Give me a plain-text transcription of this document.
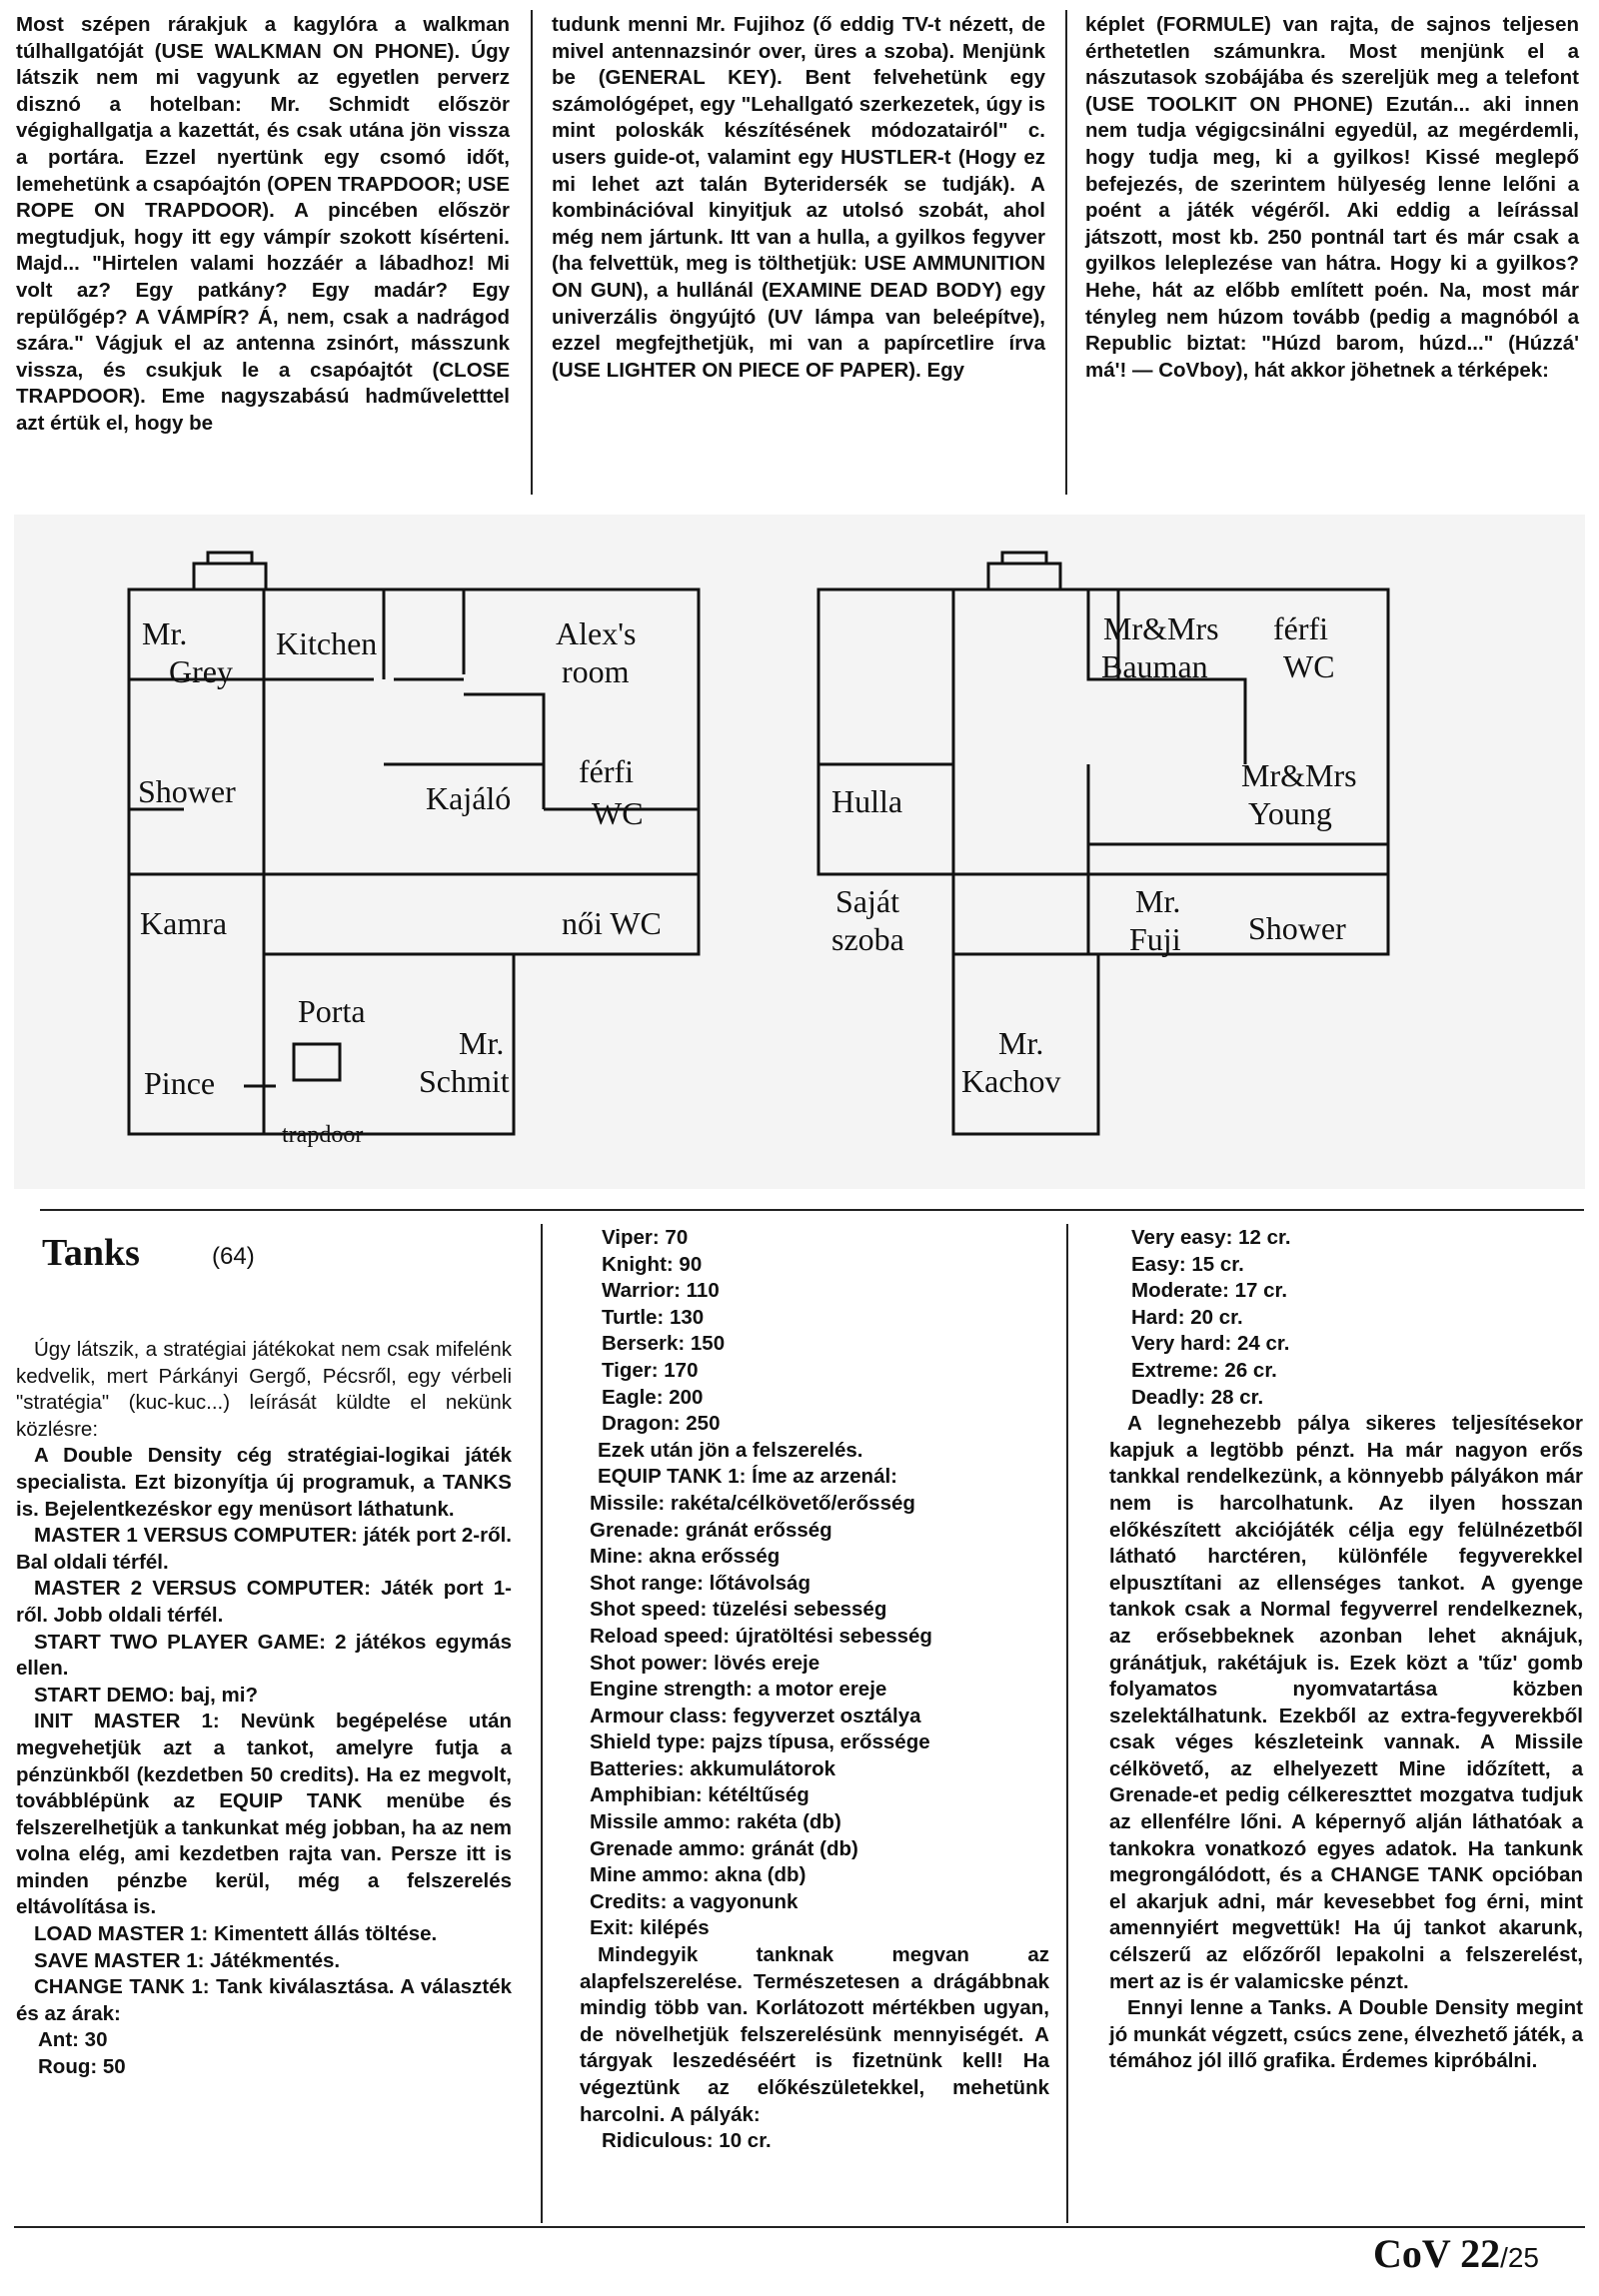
Most szépen rárakjuk a kagylóra a walkman túlhallgatóját (USE WALKMAN ON PHONE). Úgy látszik nem mi vagyunk az egyetlen perverz disznó a hotelban: Mr. Schmidt először végighallgatja a kazettát, és csak utána jön vissza a portára. Ezzel nyertünk egy csomó időt, lemehetünk a csapóajtón (OPEN TRAPDOOR; USE ROPE ON TRAPDOOR). A pincében először megtudjuk, hogy itt egy vámpír szokott kísérteni. Majd... "Hirtelen valami hozzáér a lábadhoz! Mi volt az? Egy patkány? Egy madár? Egy repülőgép? A VÁMPÍR? Á, nem, csak a nadrágod szára." Vágjuk el az antenna zsinórt, másszunk vissza, és csukjuk le a csapóajtót (CLOSE TRAPDOOR). Eme nagyszabású hadműveletttel azt értük el, hogy be

tudunk menni Mr. Fujihoz (ő eddig TV-t nézett, de mivel antennazsinór over, üres a szoba). Menjünk be (GENERAL KEY). Bent felvehetünk egy számológépet, egy "Lehallgató szerkezetek, úgy is mint poloskák készítésének módozatairól" c. users guide-ot, valamint egy HUSTLER-t (Hogy ez mi lehet azt talán Byteridersék se tudják). A kombinációval kinyitjuk az utolsó szobát, ahol még nem jártunk. Itt van a hulla, a gyilkos fegyver (ha felvettük, meg is tölthetjük: USE AMMUNITION ON GUN), a hullánál (EXAMINE DEAD BODY) egy univerzális öngyújtó (UV lámpa van beleépítve), ezzel megfejthetjük, mi van a papírcetlire írva (USE LIGHTER ON PIECE OF PAPER). Egy

képlet (FORMULE) van rajta, de sajnos teljesen érthetetlen számunkra. Most menjünk el a nászutasok szobájába és szereljük meg a telefont (USE TOOLKIT ON PHONE) Ezután... aki innen nem tudja végigcsinálni egyedül, az megérdemli, hogy tudja meg, ki a gyilkos! Kissé meglepő befejezés, de szerintem hülyeség lenne lelőni a poént a játék végéről. Aki eddig a leírással játszott, most kb. 250 pontnál tart és már csak a gyilkos leleplezése van hátra. Hogy ki a gyilkos? Hehe, hát az előbb említett poén. Na, most már tényleg nem húzom tovább (pedig a magnóból a Republic biztat: "Húzd barom, húzd..." (Húzzá' má'! — CoVboy), hát akkor jöhetnek a térképek:

Mr.
Grey
Kitchen	Alex's
room
Shower	Kajáló
férfi
WC
Kamra	női WC
Porta
Mr.
Schmit
Pince
trapdoor
Mr&Mrs
Bauman
férfi
WC
Hulla
Mr&Mrs
Young
Saját
szoba
Mr.
Fuji Shower
Mr.
Kachov
Tanks	(64)

Úgy látszik, a stratégiai játékokat nem csak mifelénk kedvelik, mert Párkányi Gergő, Pécsről, egy vérbeli "stratégia" (kuc-kuc...) leírását küldte el nekünk közlésre:

A Double Density cég stratégiai-logikai játék specialista. Ezt bizonyítja új programuk, a TANKS is. Bejelentkezéskor egy menüsort láthatunk.

MASTER 1 VERSUS COMPUTER: játék port 2-ről. Bal oldali térfél.

MASTER 2 VERSUS COMPUTER: Játék port 1-ről. Jobb oldali térfél.

START TWO PLAYER GAME: 2 játékos egymás ellen.

START DEMO: baj, mi?

INIT MASTER 1: Nevünk begépelése után megvehetjük azt a tankot, amelyre futja a pénzünkből (kezdetben 50 credits). Ha ez megvolt, továbblépünk az EQUIP TANK menübe és felszerelhetjük a tankunkat még jobban, ha az nem volna elég, ami kezdetben rajta van. Persze itt is minden pénzbe kerül, még a felszerelés eltávolítása is.

LOAD MASTER 1: Kimentett állás töltése.

SAVE MASTER 1: Játékmentés.

CHANGE TANK 1: Tank kiválasztása. A választék és az árak:

Ant: 30

Roug: 50

Viper: 70

Knight: 90

Warrior: 110

Turtle: 130

Berserk: 150

Tiger: 170

Eagle: 200

Dragon: 250

Ezek után jön a felszerelés.

EQUIP TANK 1: Íme az arzenál:

Missile: rakéta/célkövető/erősség

Grenade: gránát erősség

Mine: akna erősség

Shot range: lőtávolság

Shot speed: tüzelési sebesség

Reload speed: újratöltési sebesség

Shot power: lövés ereje

Engine strength: a motor ereje

Armour class: fegyverzet osztálya

Shield type: pajzs típusa, erőssége

Batteries: akkumulátorok

Amphibian: kétéltűség

Missile ammo: rakéta (db)

Grenade ammo: gránát (db)

Mine ammo: akna (db)

Credits: a vagyonunk

Exit: kilépés

Mindegyik tanknak megvan az alapfelszerelése. Természetesen a drágábbnak mindig több van. Korlátozott mértékben ugyan, de növelhetjük felszerelésünk mennyiségét. A tárgyak leszedéséért is fizetnünk kell! Ha végeztünk az előkészületekkel, mehetünk harcolni. A pályák:

Ridiculous: 10 cr.

Very easy: 12 cr.

Easy: 15 cr.

Moderate: 17 cr.

Hard: 20 cr.

Very hard: 24 cr.

Extreme: 26 cr.

Deadly: 28 cr.

A legnehezebb pálya sikeres teljesítésekor kapjuk a legtöbb pénzt. Ha már nagyon erős tankkal rendelkezünk, a könnyebb pályákon már nem is harcolhatunk. Az ilyen hosszan előkészített akciójáték célja egy felülnézetből látható harctéren, különféle fegyverekkel elpusztítani az ellenséges tankot. A gyenge tankok csak a Normal fegyverrel rendelkeznek, az erősebbeknek azonban lehet aknájuk, gránátjuk, rakétájuk is. Ezek közt a 'tűz' gomb folyamatos nyomvatartása közben szelektálhatunk. Ezekből az extra-fegyverekből csak véges készleteink vannak. A Missile célkövető, az elhelyezett Mine időzített, a Grenade-et pedig célkereszttet mozgatva tudjuk az ellenfélre lőni. A képernyő alján láthatóak a tankokra vonatkozó egyes adatok. Ha tankunk megrongálódott, és a CHANGE TANK opcióban el akarjuk adni, már kevesebbet fog érni, mint amennyiért megvettük! Ha új tankot akarunk, célszerű az előzőről lepakolni a felszerelést, mert az is ér valamicske pénzt.

Ennyi lenne a Tanks. A Double Density megint jó munkát végzett, csúcs zene, élvezhető játék, a témához jól illő grafika. Érdemes kipróbálni.

CoV 22/25
